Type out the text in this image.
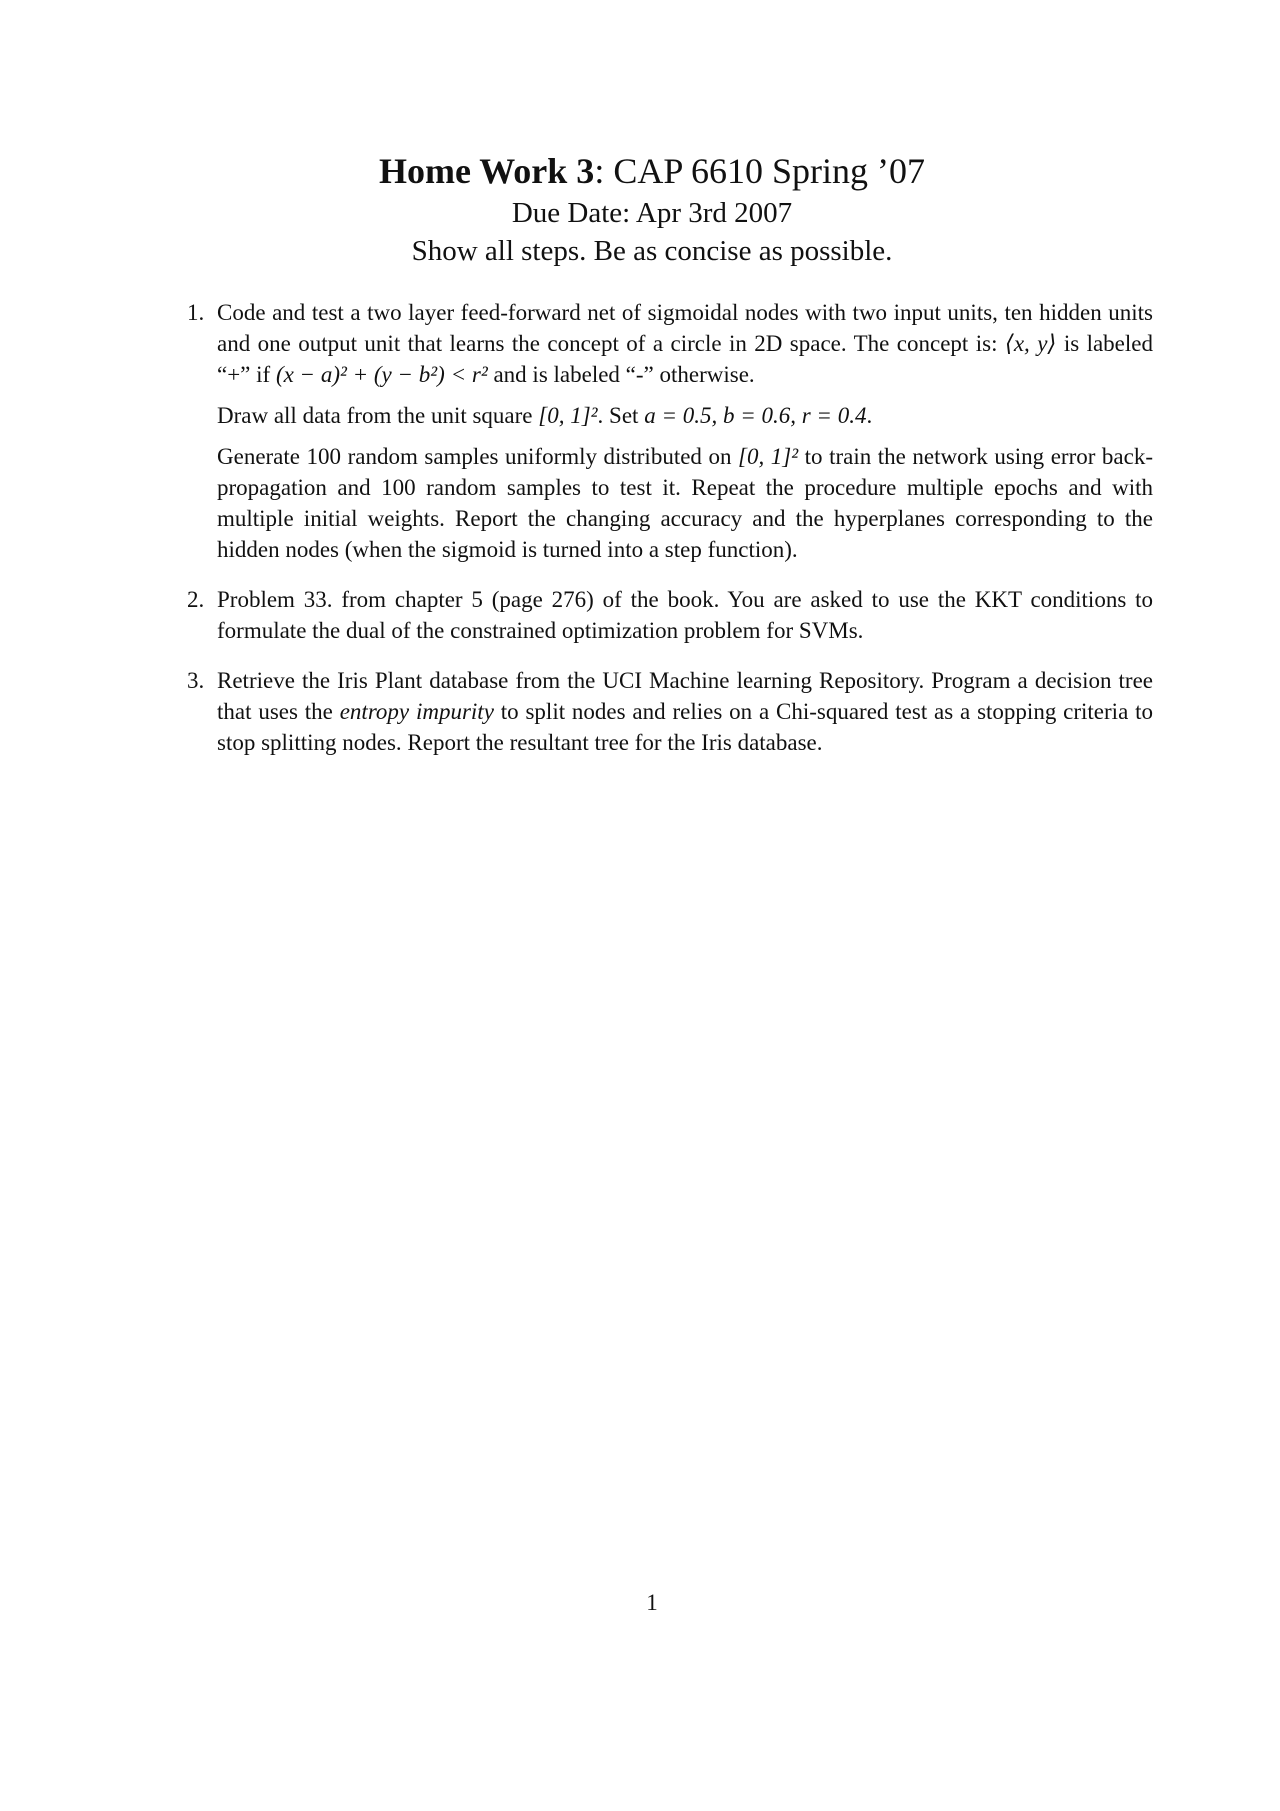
Home Work 3: CAP 6610 Spring ’07
Due Date: Apr 3rd 2007
Show all steps. Be as concise as possible.
1. Code and test a two layer feed-forward net of sigmoidal nodes with two input units, ten hidden units and one output unit that learns the concept of a circle in 2D space. The concept is: ⟨x, y⟩ is labeled “+” if (x − a)² + (y − b²) < r² and is labeled “-” otherwise.

Draw all data from the unit square [0, 1]². Set a = 0.5, b = 0.6, r = 0.4.

Generate 100 random samples uniformly distributed on [0, 1]² to train the network using error back-propagation and 100 random samples to test it. Repeat the procedure multiple epochs and with multiple initial weights. Report the changing accuracy and the hyperplanes corresponding to the hidden nodes (when the sigmoid is turned into a step function).

2. Problem 33. from chapter 5 (page 276) of the book. You are asked to use the KKT conditions to formulate the dual of the constrained optimization problem for SVMs.

3. Retrieve the Iris Plant database from the UCI Machine learning Repository. Program a decision tree that uses the entropy impurity to split nodes and relies on a Chi-squared test as a stopping criteria to stop splitting nodes. Report the resultant tree for the Iris database.

1
